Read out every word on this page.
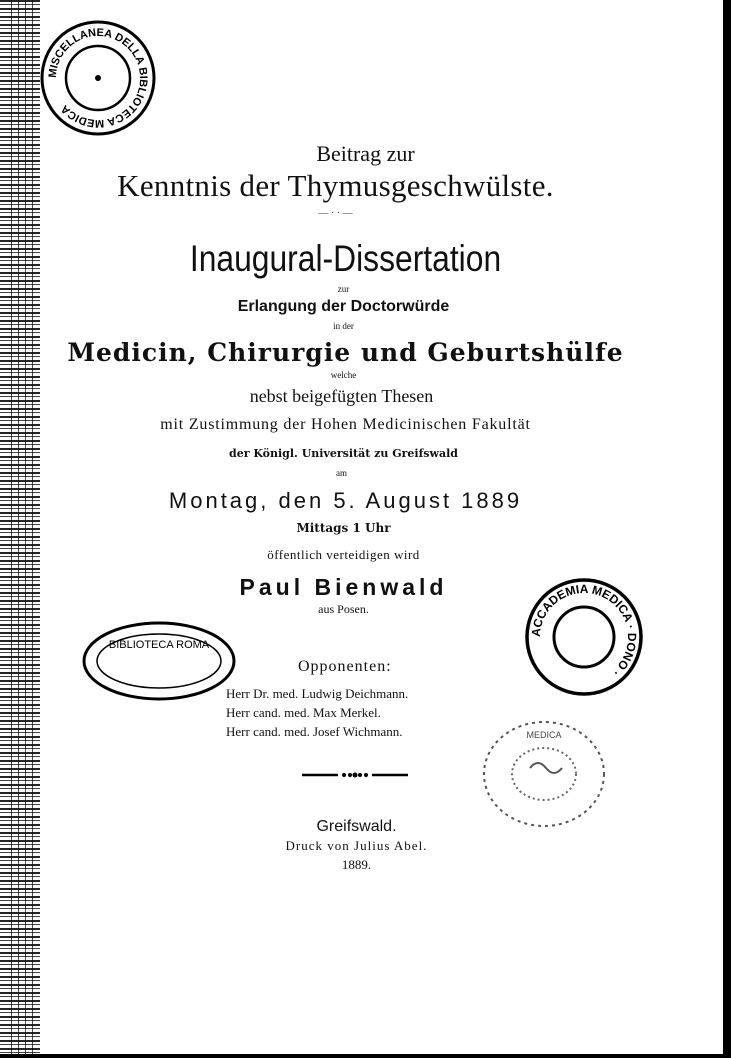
MISCELLANEA DELLA BIBLIOTECA MEDICA
Beitrag zur
Kenntnis der Thymusgeschwülste.
— · · —
Inaugural-Dissertation
zur
Erlangung der Doctorwürde
in der
Medicin, Chirurgie und Geburtshülfe
welche
nebst beigefügten Thesen
mit Zustimmung der Hohen Medicinischen Fakultät
der Königl. Universität zu Greifswald
am
Montag, den 5. August 1889
Mittags 1 Uhr
öffentlich verteidigen wird
Paul Bienwald
aus Posen.
BIBLIOTECA ROMA
ACCADEMIA MEDICA · DONO ·
Opponenten:
Herr Dr. med. Ludwig Deichmann.
Herr cand. med. Max Merkel.
Herr cand. med. Josef Wichmann.	MEDICA
Greifswald.
Druck von Julius Abel.
1889.
